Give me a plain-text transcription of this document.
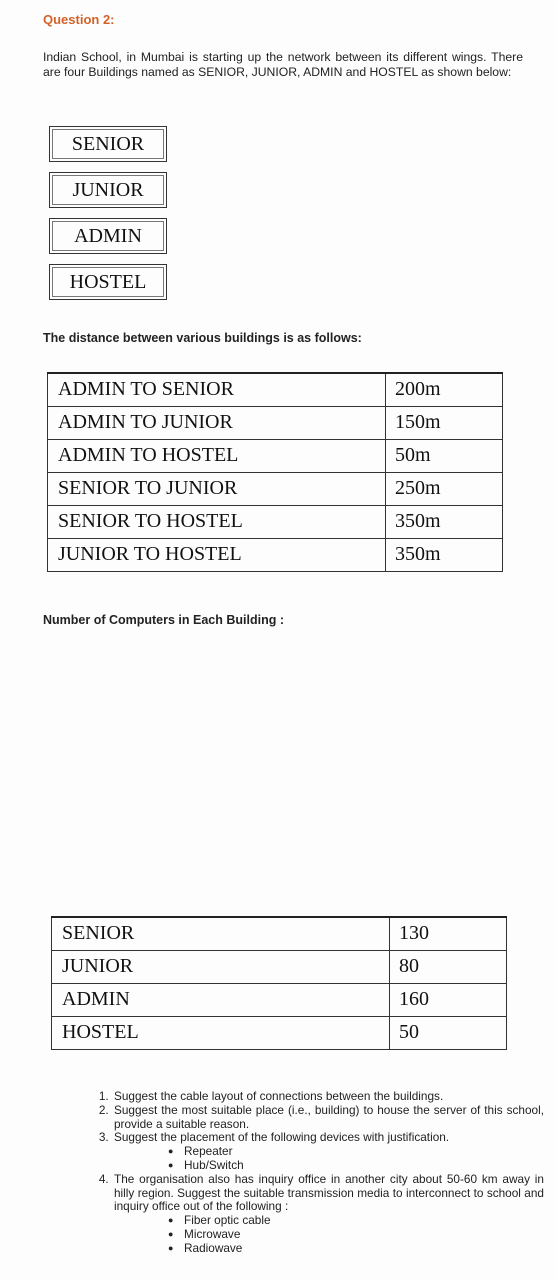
Question 2:
Indian School, in Mumbai is starting up the network between its different wings. There are four Buildings named as SENIOR, JUNIOR, ADMIN and HOSTEL as shown below:
SENIOR
JUNIOR
ADMIN
HOSTEL
The distance between various buildings is as follows:
ADMIN TO SENIOR	200m
ADMIN TO JUNIOR	150m
ADMIN TO HOSTEL	50m
SENIOR TO JUNIOR	250m
SENIOR TO HOSTEL	350m
JUNIOR TO HOSTEL	350m
Number of Computers in Each Building :
SENIOR	130
JUNIOR	80
ADMIN	160
HOSTEL	50
1. Suggest the cable layout of connections between the buildings.
2. Suggest the most suitable place (i.e., building) to house the server of this school, provide a suitable reason.
3. Suggest the placement of the following devices with justification.
● Repeater
● Hub/Switch
4. The organisation also has inquiry office in another city about 50-60 km away in hilly region. Suggest the suitable transmission media to interconnect to school and inquiry office out of the following :
● Fiber optic cable
● Microwave
● Radiowave
